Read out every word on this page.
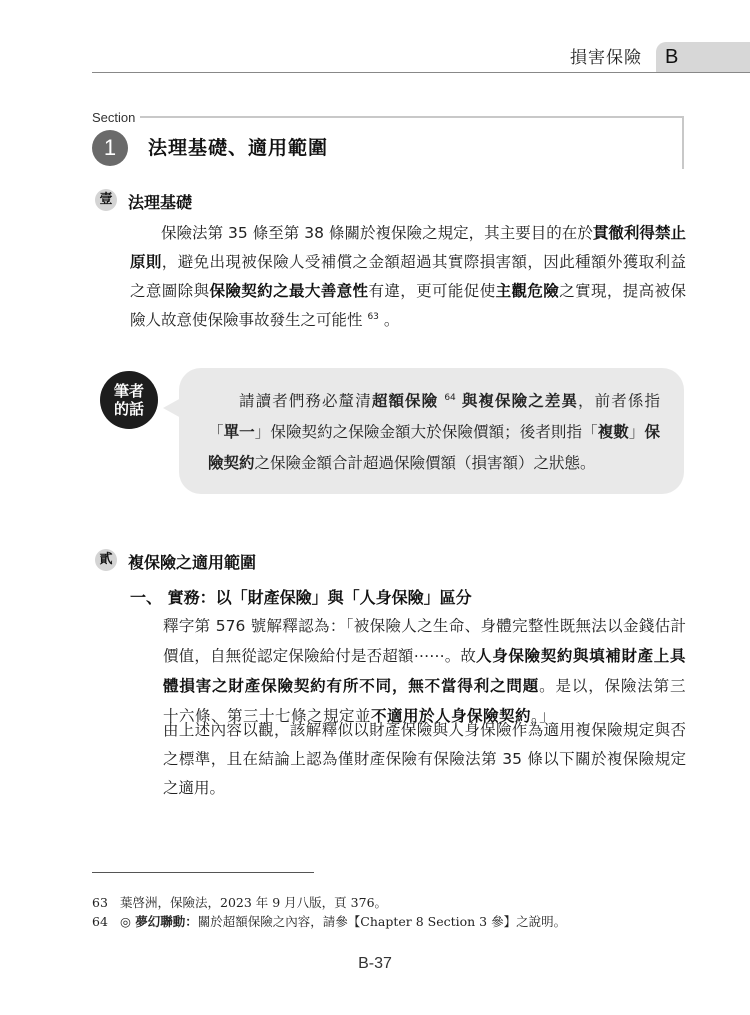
損害保險 B
Section
1	法理基礎、適用範圍
壹 法理基礎
保險法第 35 條至第 38 條關於複保險之規定，其主要目的在於貫徹利得禁止原則，避免出現被保險人受補償之金額超過其實際損害額，因此種額外獲取利益之意圖除與保險契約之最大善意性有違，更可能促使主觀危險之實現，提高被保險人故意使保險事故發生之可能性 $^{63}$ 。
筆者
的話	請讀者們務必釐清超額保險 $^{64}$ 與複保險之差異，前者係指「單一」保險契約之保險金額大於保險價額；後者則指「複數」保險契約之保險金額合計超過保險價額（損害額）之狀態。
貳 複保險之適用範圍
一、 實務：以「財產保險」與「人身保險」區分
釋字第 576 號解釋認為：「被保險人之生命、身體完整性既無法以金錢估計價值，自無從認定保險給付是否超額⋯⋯。故人身保險契約與填補財產上具體損害之財產保險契約有所不同，無不當得利之問題。是以，保險法第三十六條、第三十七條之規定並不適用於人身保險契約。」
由上述內容以觀，該解釋似以財產保險與人身保險作為適用複保險規定與否之標準，且在結論上認為僅財產保險有保險法第 35 條以下關於複保險規定之適用。
63 葉啓洲，保險法，2023 年 9 月八版，頁 376。
64 ◎ 夢幻聯動：關於超額保險之內容，請參【Chapter 8 Section 3 參】之說明。
B-37
